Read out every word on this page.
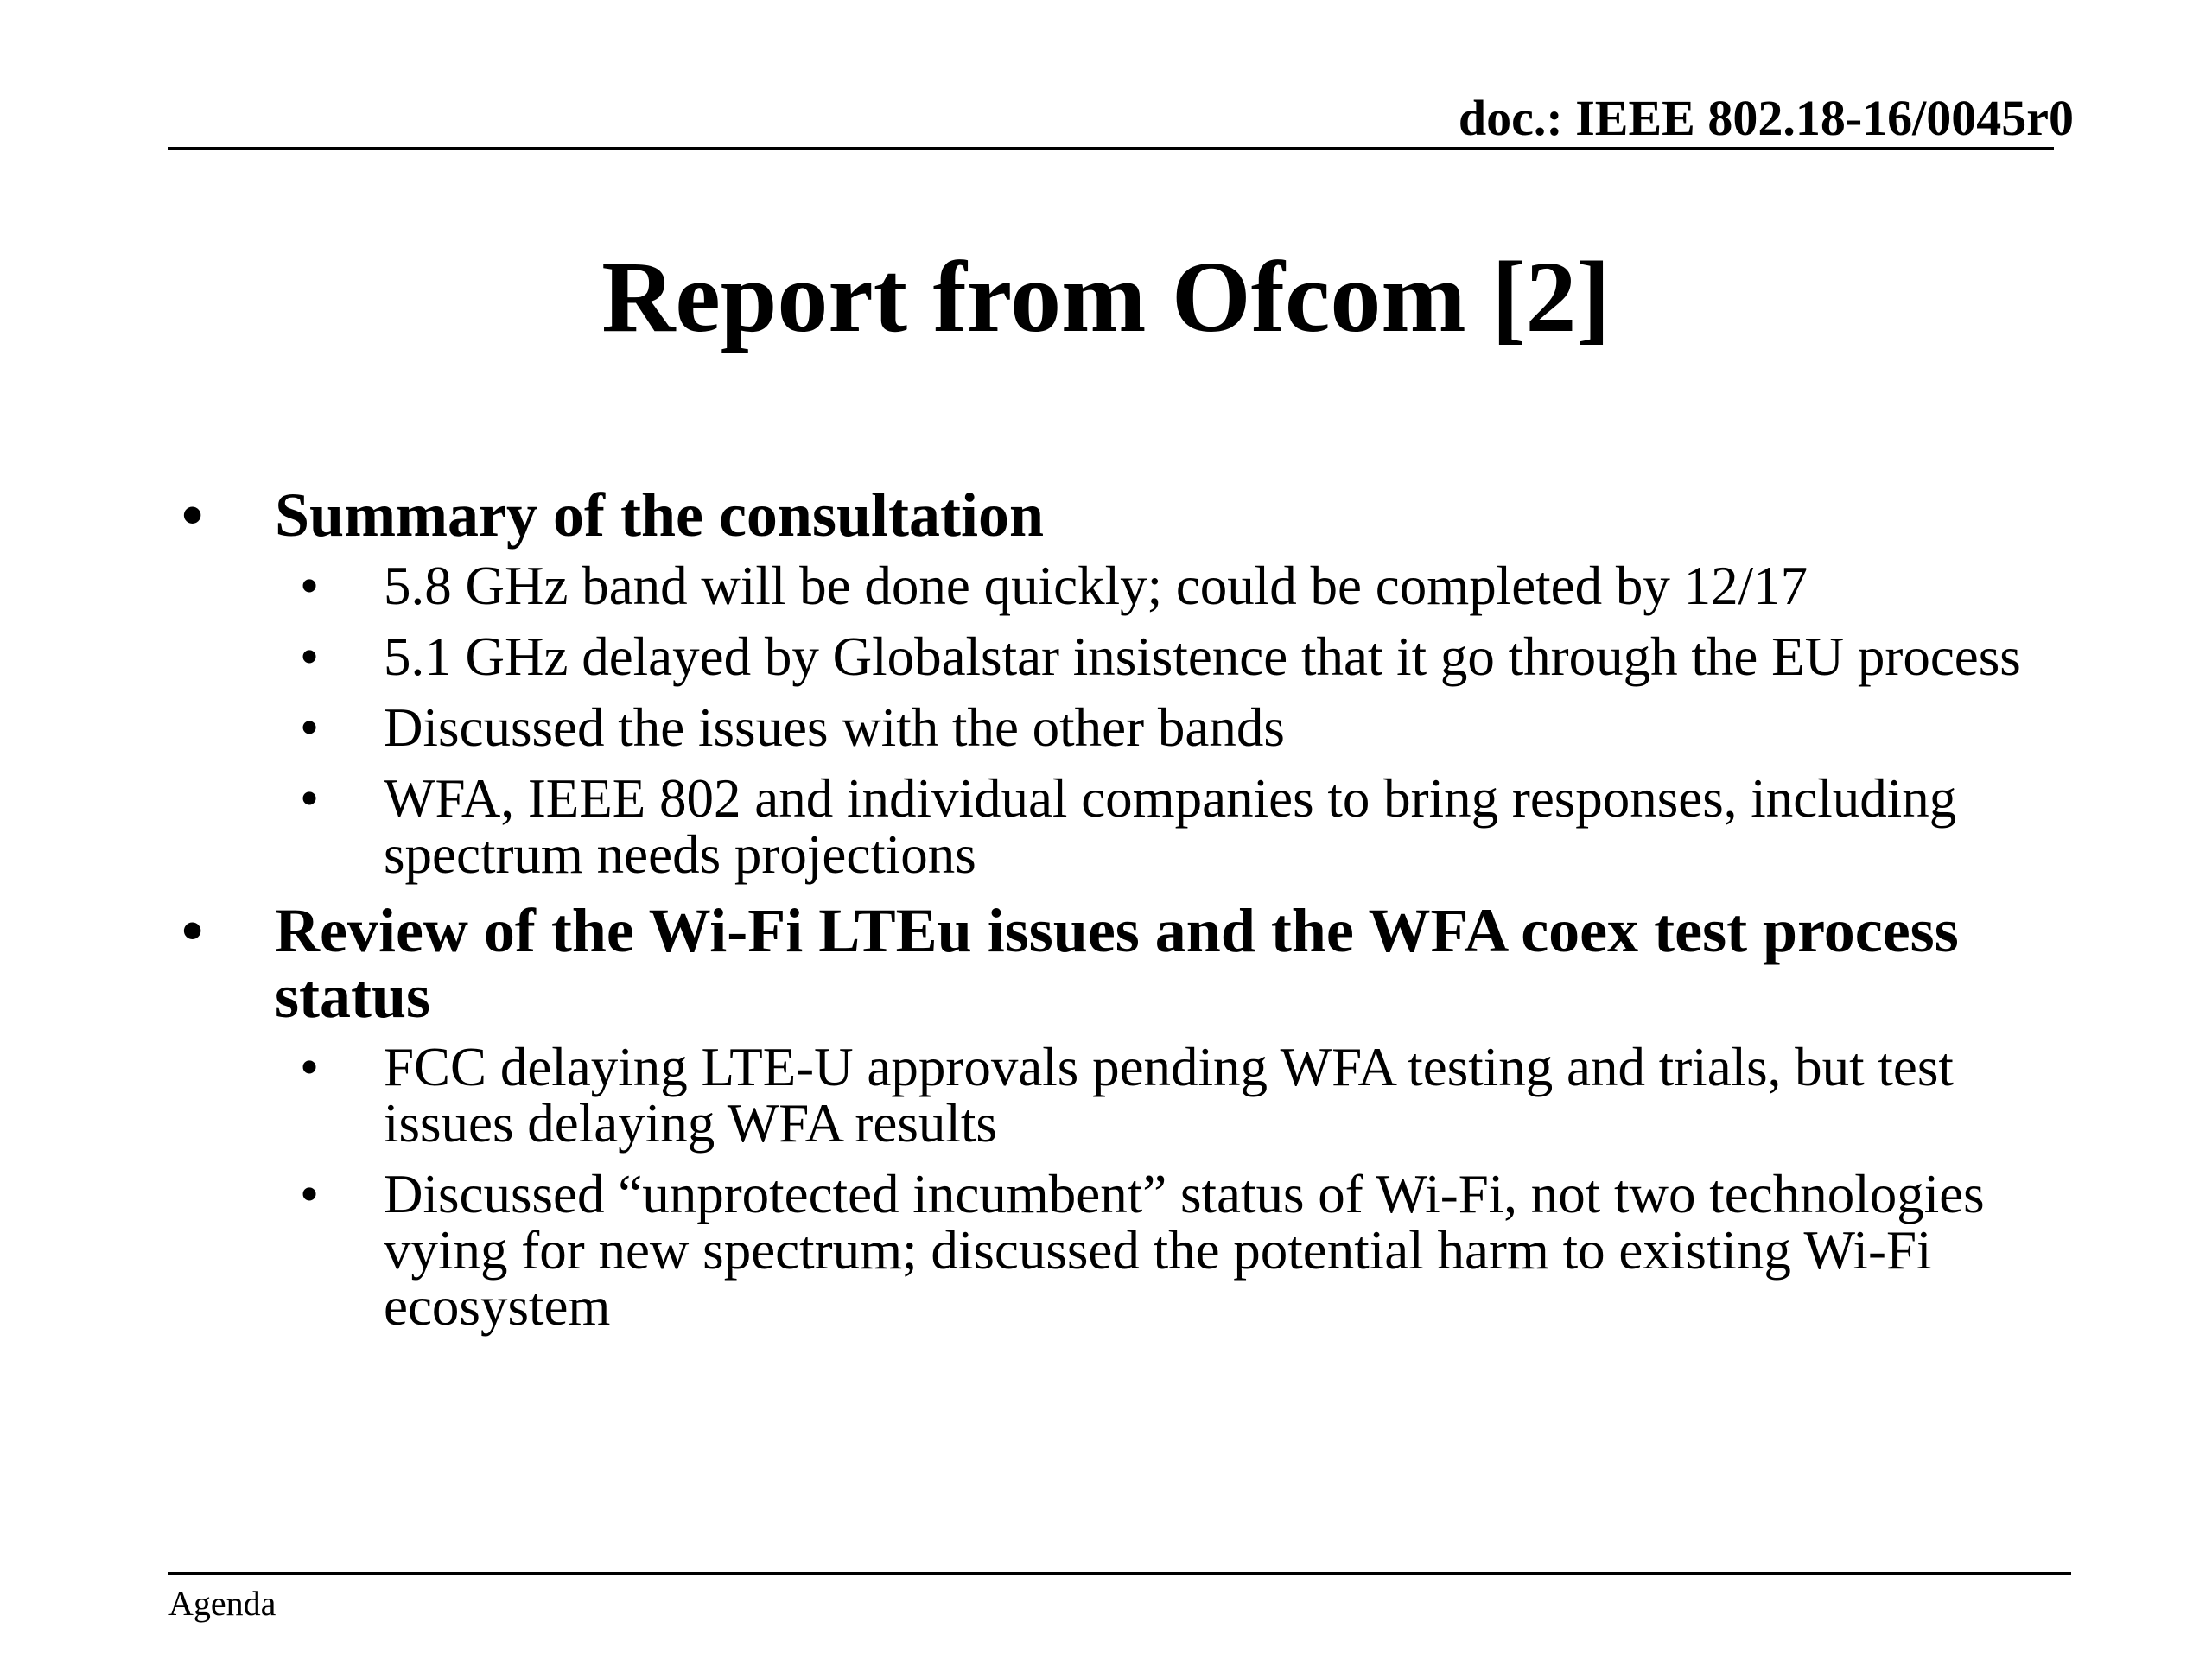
doc.: IEEE 802.18-16/0045r0
Report from Ofcom [2]
• Summary of the consultation
• 5.8 GHz band will be done quickly; could be completed by 12/17
• 5.1 GHz delayed by Globalstar insistence that it go through the EU process
• Discussed the issues with the other bands
• WFA, IEEE 802 and individual companies to bring responses, including spectrum needs projections
• Review of the Wi-Fi LTEu issues and the WFA coex test process status
• FCC delaying LTE-U approvals pending WFA testing and trials, but test issues delaying WFA results
• Discussed “unprotected incumbent” status of Wi-Fi, not two technologies vying for new spectrum; discussed the potential harm to existing Wi-Fi ecosystem
Agenda
